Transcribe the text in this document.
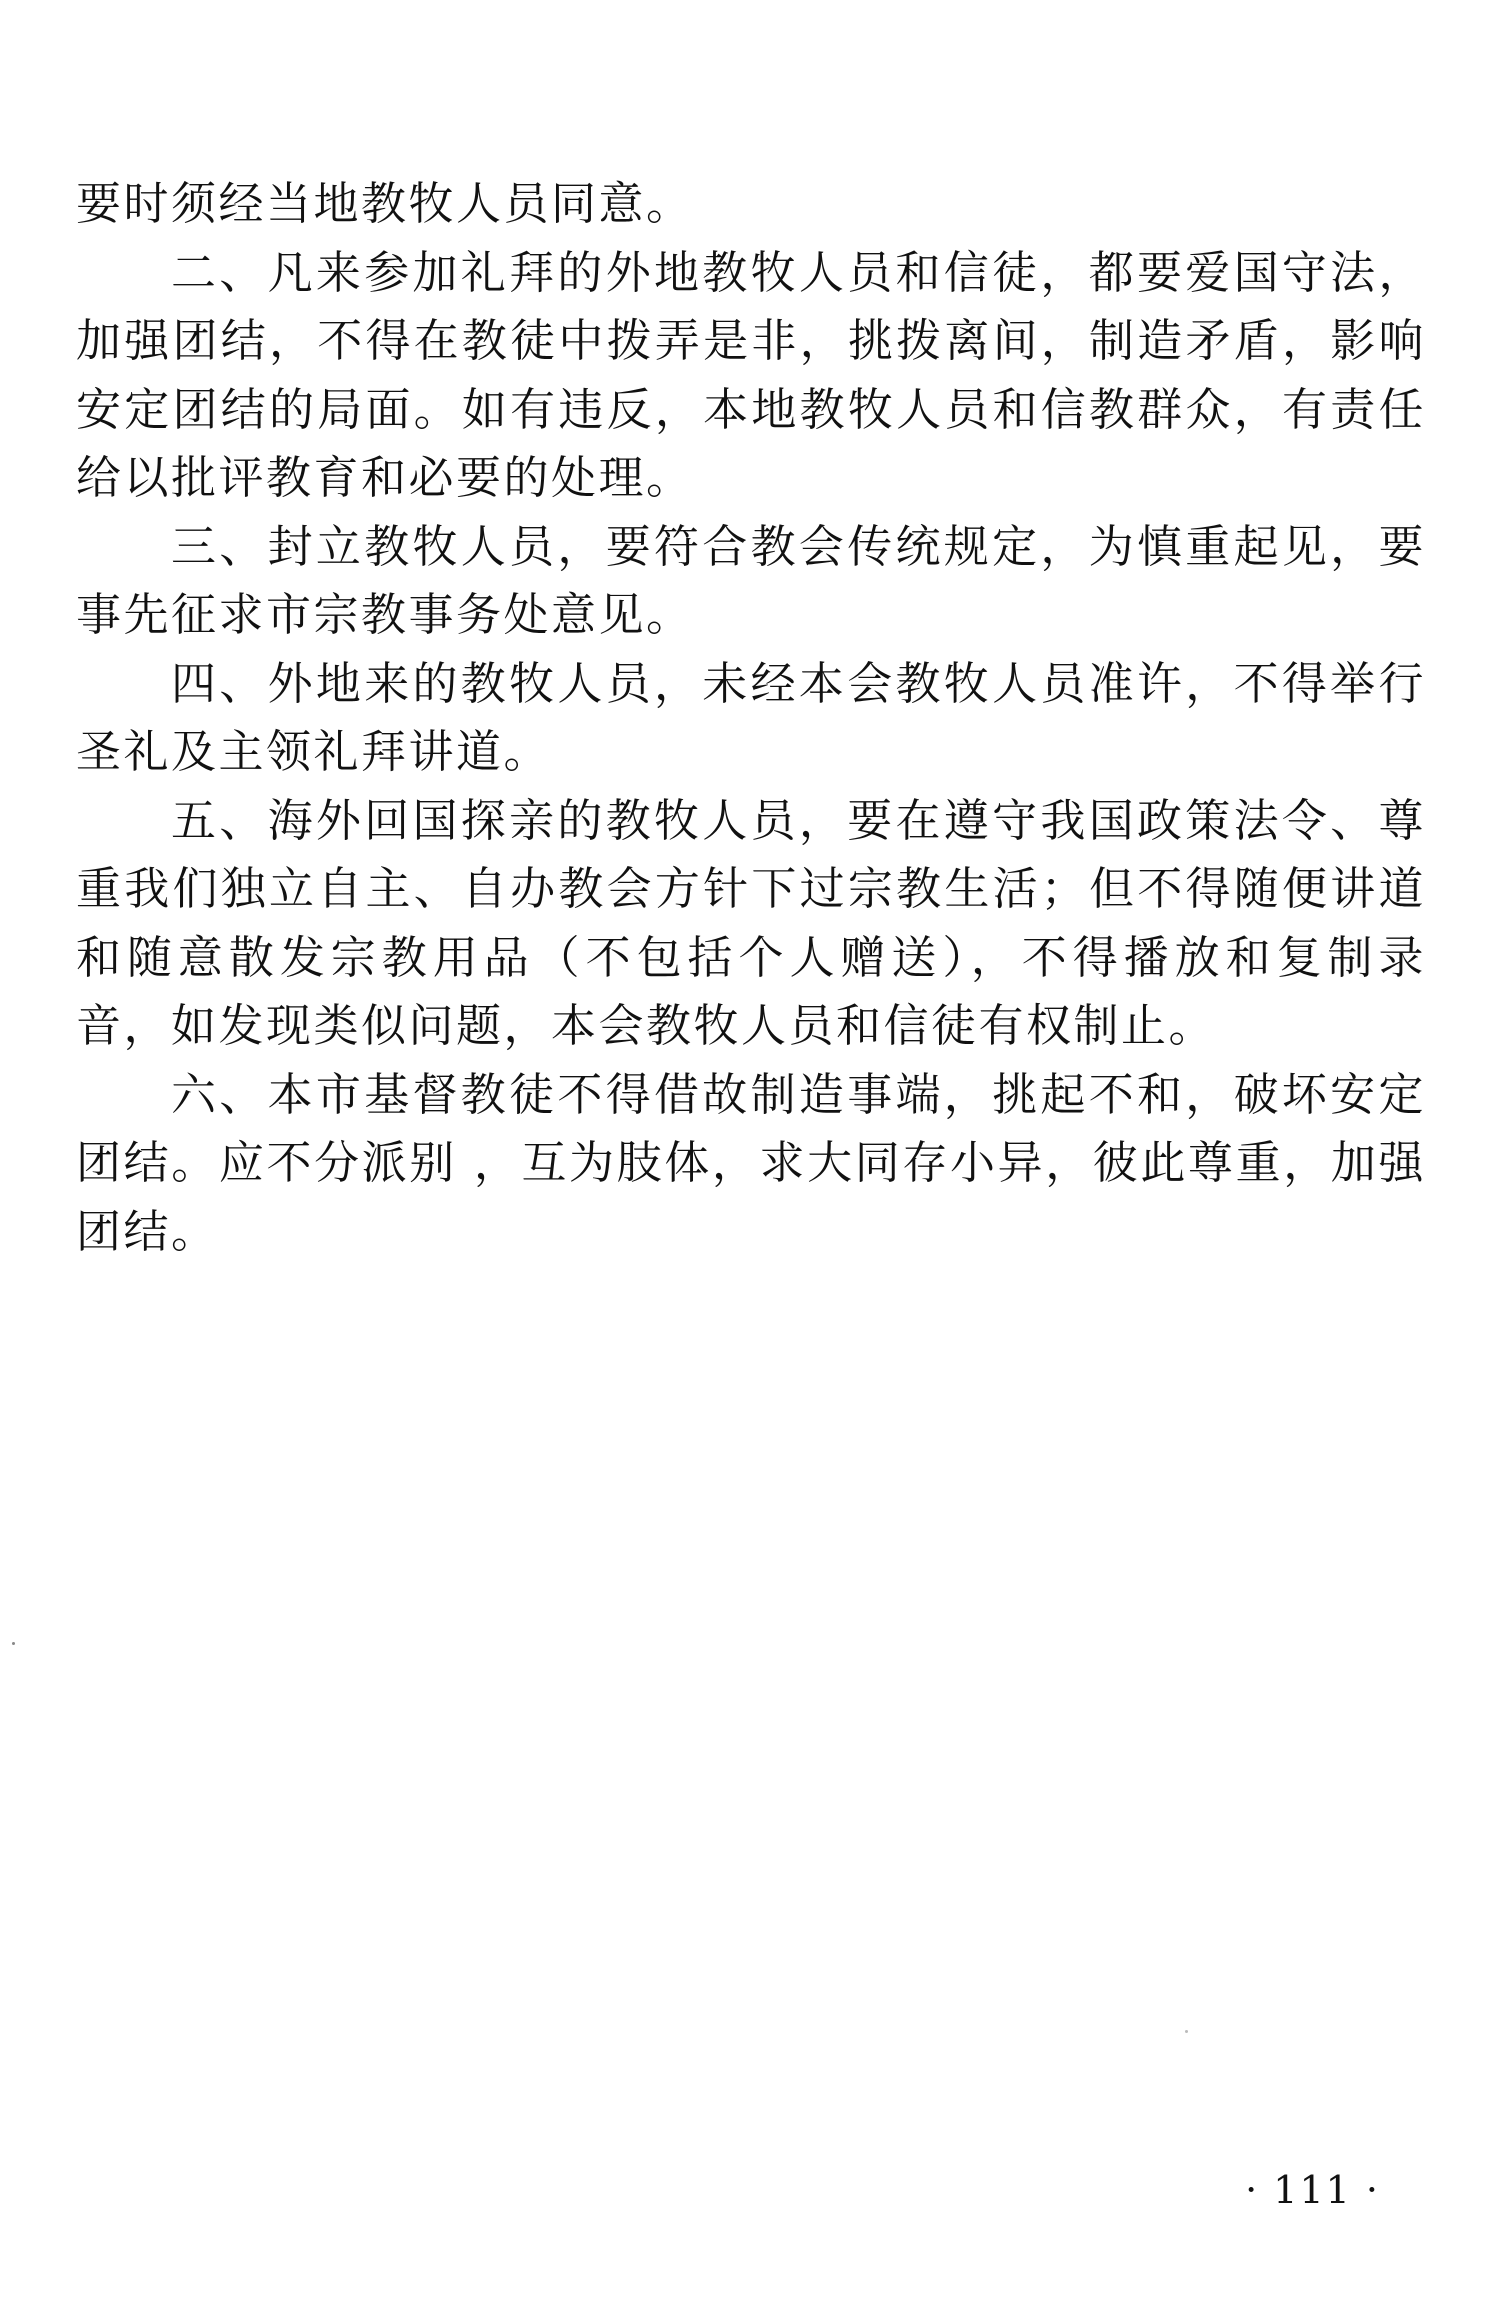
要时须经当地教牧人员同意。

二、凡来参加礼拜的外地教牧人员和信徒，都要爱国守法，加强团结，不得在教徒中拨弄是非，挑拨离间，制造矛盾，影响安定团结的局面。如有违反，本地教牧人员和信教群众，有责任给以批评教育和必要的处理。

三、封立教牧人员，要符合教会传统规定，为慎重起见，要事先征求市宗教事务处意见。

四、外地来的教牧人员，未经本会教牧人员准许，不得举行圣礼及主领礼拜讲道。

五、海外回国探亲的教牧人员，要在遵守我国政策法令、尊重我们独立自主、自办教会方针下过宗教生活；但不得随便讲道和随意散发宗教用品（不包括个人赠送），不得播放和复制录音，如发现类似问题，本会教牧人员和信徒有权制止。

六、本市基督教徒不得借故制造事端，挑起不和，破坏安定团结。应不分派别 ，互为肢体，求大同存小异，彼此尊重，加强团结。

· 111 ·
